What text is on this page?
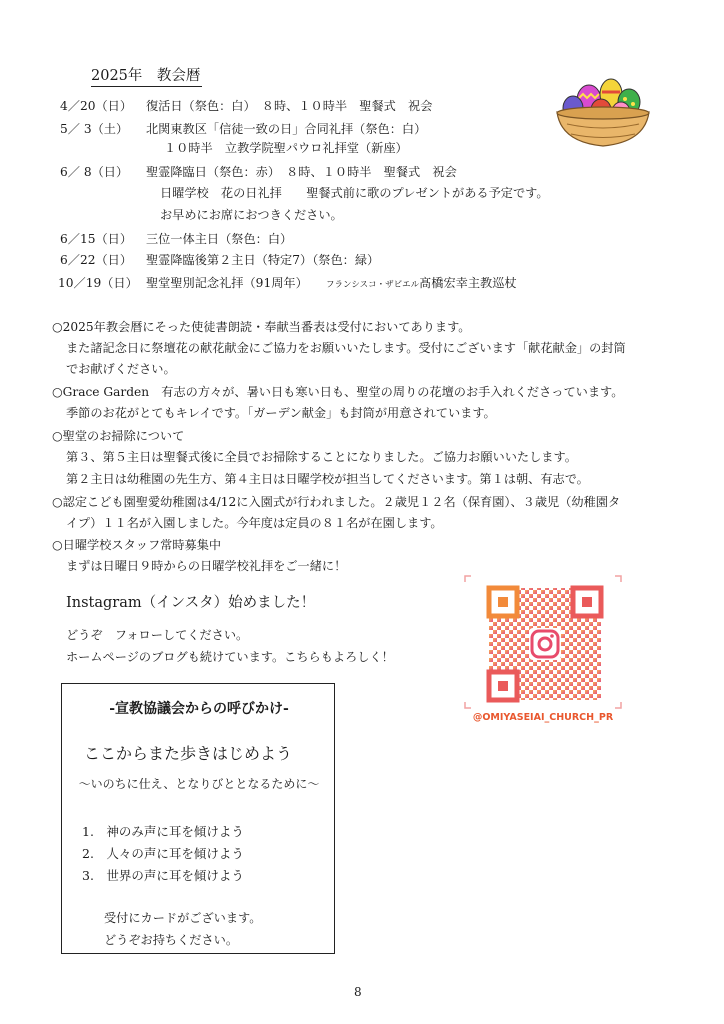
2025年　教会暦
4／20（日） 復活日（祭色：白）　８時、１０時半　聖餐式　祝会
5／ 3（土） 北関東教区「信徒一致の日」合同礼拝（祭色：白）
１０時半　立教学院聖パウロ礼拝堂（新座）
6／ 8（日） 聖霊降臨日（祭色：赤）　８時、１０時半　聖餐式　祝会
日曜学校　花の日礼拝　　聖餐式前に歌のプレゼントがある予定です。
お早めにお席におつきください。
6／15（日） 三位一体主日（祭色：白）
6／22（日） 聖霊降臨後第２主日（特定7）（祭色：緑）
10／19（日） 聖堂聖別記念礼拝（91周年）　　	フランシスコ・ザビエル髙橋宏幸主教巡杖
○2025年教会暦にそった使徒書朗読・奉献当番表は受付においてあります。
また諸記念日に祭壇花の献花献金にご協力をお願いいたします。受付にございます「献花献金」の封筒
でお献げください。
○Grace Garden　有志の方々が、暑い日も寒い日も、聖堂の周りの花壇のお手入れくださっています。
季節のお花がとてもキレイです。「ガーデン献金」も封筒が用意されています。
○聖堂のお掃除について
第３、第５主日は聖餐式後に全員でお掃除することになりました。ご協力お願いいたします。
第２主日は幼稚園の先生方、第４主日は日曜学校が担当してくださいます。第１は朝、有志で。
○認定こども園聖愛幼稚園は4/12に入園式が行われました。２歳児１２名（保育園）、３歳児（幼稚園タ
イプ）１１名が入園しました。今年度は定員の８１名が在園します。
○日曜学校スタッフ常時募集中
まずは日曜日９時からの日曜学校礼拝をご一緒に！
Instagram（インスタ）始めました！
どうぞ　フォローしてください。
ホームページのブログも続けています。こちらもよろしく！
@OMIYASEIAI_CHURCH_PR
-宣教協議会からの呼びかけ-
ここからまた歩きはじめよう
～いのちに仕え、となりびととなるために～
1.　神のみ声に耳を傾けよう
2.　人々の声に耳を傾けよう
3.　世界の声に耳を傾けよう
受付にカードがございます。
どうぞお持ちください。
8
